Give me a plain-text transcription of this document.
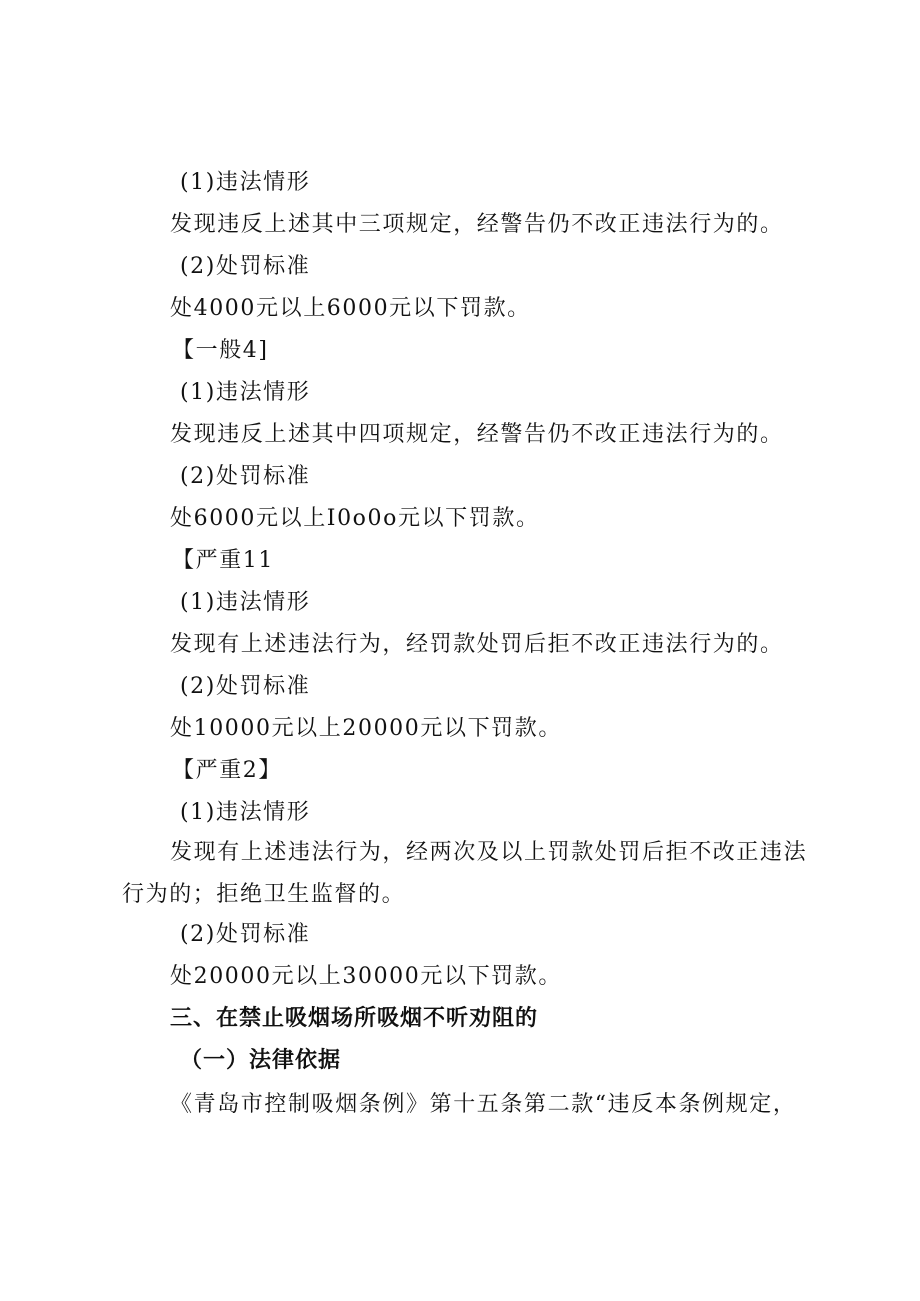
(1)违法情形
发现违反上述其中三项规定，经警告仍不改正违法行为的。
(2)处罚标准
处4000元以上6000元以下罚款。
【一般4]
(1)违法情形
发现违反上述其中四项规定，经警告仍不改正违法行为的。
(2)处罚标准
处6000元以上I0o0o元以下罚款。
【严重11
(1)违法情形
发现有上述违法行为，经罚款处罚后拒不改正违法行为的。
(2)处罚标准
处10000元以上20000元以下罚款。
【严重2】
(1)违法情形
发现有上述违法行为，经两次及以上罚款处罚后拒不改正违法
行为的；拒绝卫生监督的。
(2)处罚标准
处20000元以上30000元以下罚款。
三、在禁止吸烟场所吸烟不听劝阻的
（一）法律依据
《青岛市控制吸烟条例》第十五条第二款“违反本条例规定，
